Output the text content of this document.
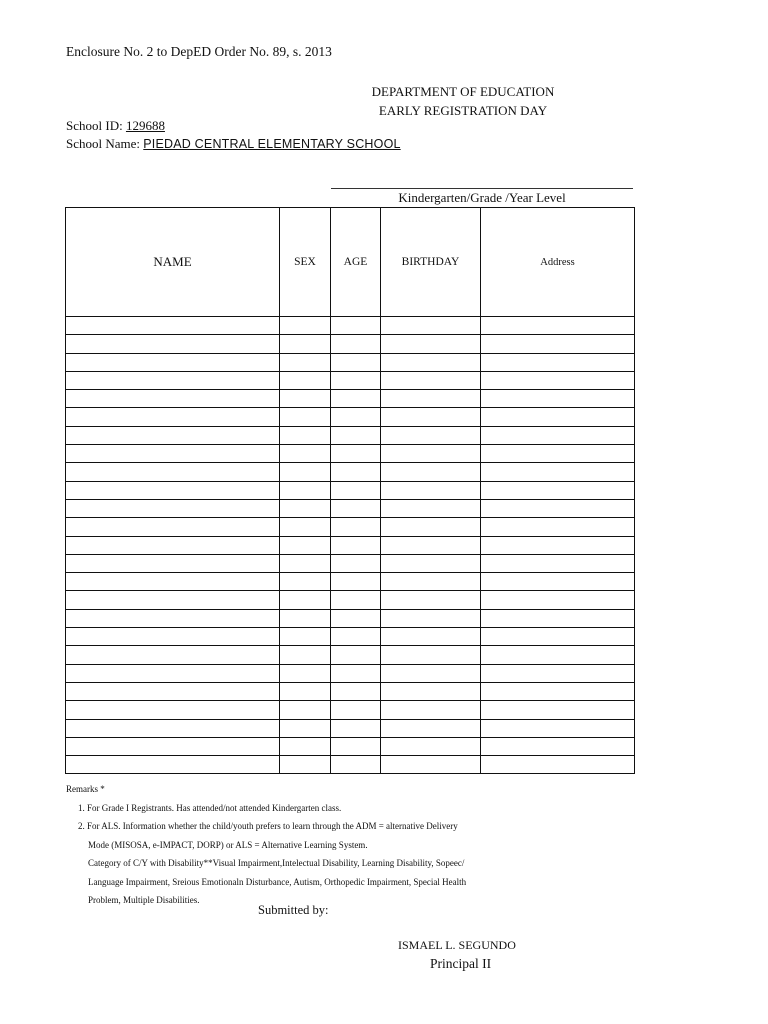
Enclosure No. 2 to DepED Order No. 89, s. 2013
DEPARTMENT OF EDUCATION
EARLY REGISTRATION DAY
School ID: 129688
School Name: PIEDAD CENTRAL ELEMENTARY SCHOOL
Kindergarten/Grade /Year Level
NAME	SEX	AGE	BIRTHDAY	Address

Remarks *
1. For Grade I Registrants. Has attended/not attended Kindergarten class.
2. For ALS. Information whether the child/youth prefers to learn through the ADM = alternative Delivery
Mode (MISOSA, e-IMPACT, DORP) or ALS = Alternative Learning System.
Category of C/Y with Disability**Visual Impairment,Intelectual Disability, Learning Disability, Sopeec/
Language Impairment, Sreious Emotionaln Disturbance, Autism, Orthopedic Impairment, Special Health
Problem, Multiple Disabilities.
Submitted by:
ISMAEL L. SEGUNDO
Principal II
